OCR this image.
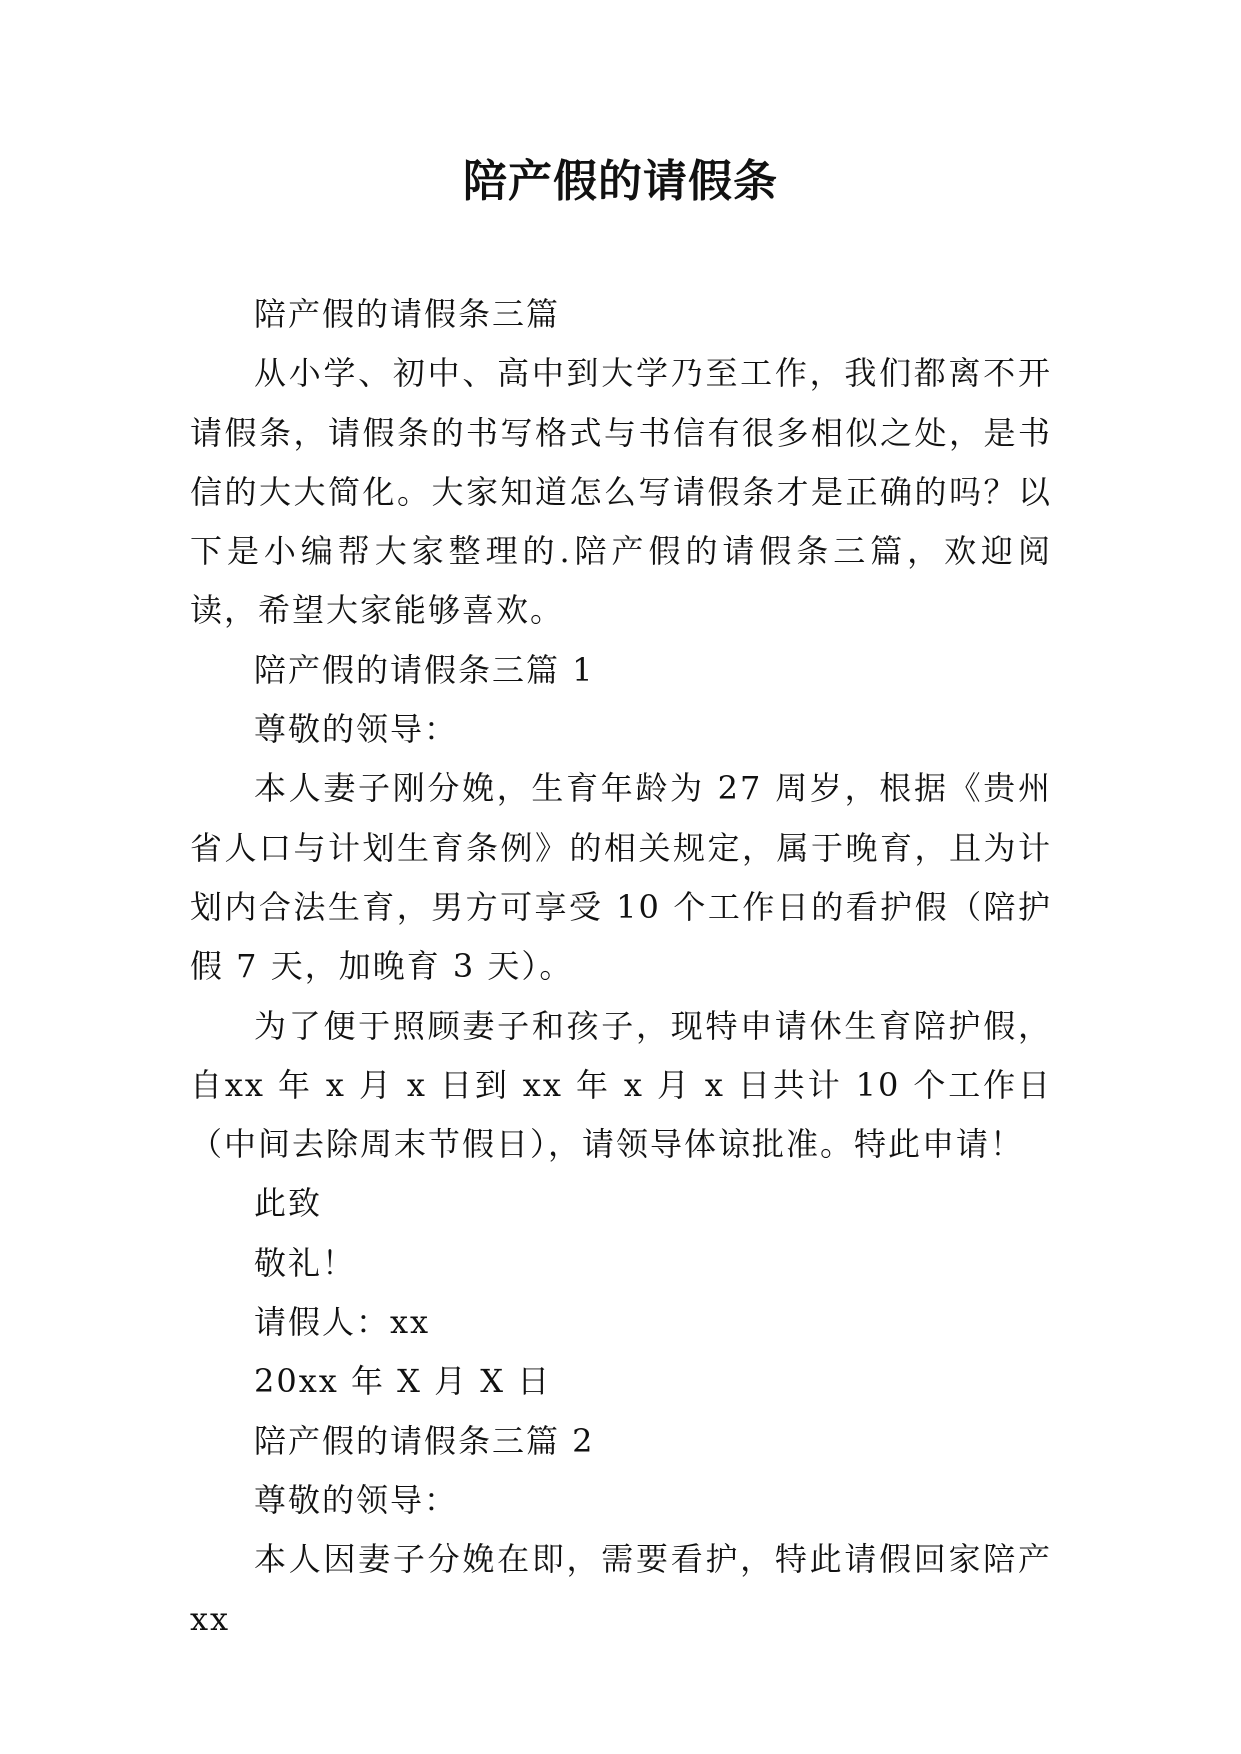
陪产假的请假条

陪产假的请假条三篇

从小学、初中、高中到大学乃至工作，我们都离不开请假条，请假条的书写格式与书信有很多相似之处，是书信的大大简化。大家知道怎么写请假条才是正确的吗？以下是小编帮大家整理的.陪产假的请假条三篇，欢迎阅读，希望大家能够喜欢。

陪产假的请假条三篇 1

尊敬的领导：

本人妻子刚分娩，生育年龄为 27 周岁，根据《贵州省人口与计划生育条例》的相关规定，属于晚育，且为计划内合法生育，男方可享受 10 个工作日的看护假（陪护假 7 天，加晚育 3 天）。

为了便于照顾妻子和孩子，现特申请休生育陪护假，自xx 年 x 月 x 日到 xx 年 x 月 x 日共计 10 个工作日（中间去除周末节假日），请领导体谅批准。特此申请！

此致

敬礼！

请假人：xx

20xx 年 X 月 X 日

陪产假的请假条三篇 2

尊敬的领导：

本人因妻子分娩在即，需要看护，特此请假回家陪产 xx
